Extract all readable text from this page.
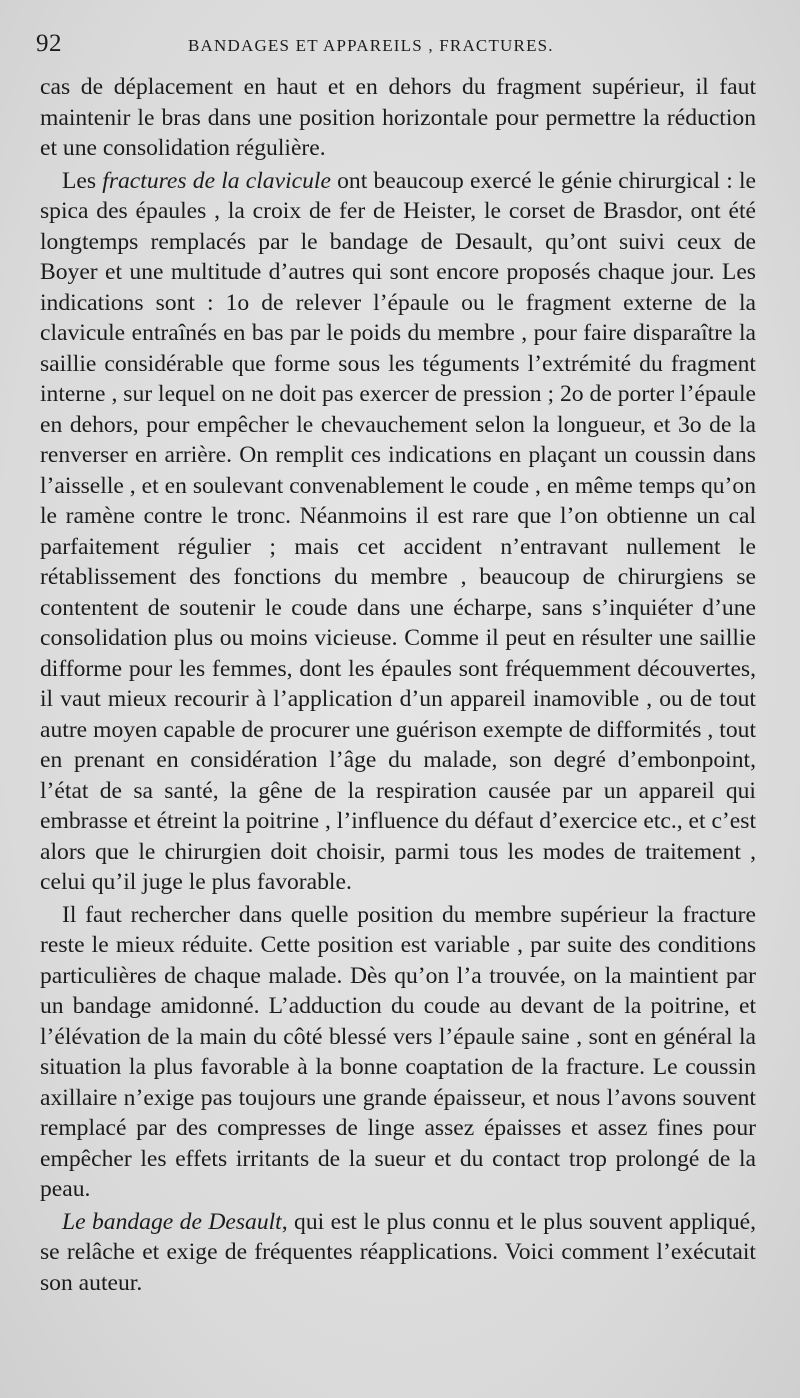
92	BANDAGES ET APPAREILS , FRACTURES.

cas de déplacement en haut et en dehors du fragment supérieur, il faut maintenir le bras dans une position horizontale pour permettre la réduction et une consolidation régulière.

Les fractures de la clavicule ont beaucoup exercé le génie chirurgical : le spica des épaules , la croix de fer de Heister, le corset de Brasdor, ont été longtemps remplacés par le bandage de Desault, qu’ont suivi ceux de Boyer et une multitude d’autres qui sont encore proposés chaque jour. Les indications sont : 1o de relever l’épaule ou le fragment externe de la clavicule entraînés en bas par le poids du membre , pour faire disparaître la saillie considérable que forme sous les téguments l’extrémité du fragment interne , sur lequel on ne doit pas exercer de pression ; 2o de porter l’épaule en dehors, pour empêcher le chevauchement selon la longueur, et 3o de la renverser en arrière. On remplit ces indications en plaçant un coussin dans l’aisselle , et en soulevant convenablement le coude , en même temps qu’on le ramène contre le tronc. Néanmoins il est rare que l’on obtienne un cal parfaitement régulier ; mais cet accident n’entravant nullement le rétablissement des fonctions du membre , beaucoup de chirurgiens se contentent de soutenir le coude dans une écharpe, sans s’inquiéter d’une consolidation plus ou moins vicieuse. Comme il peut en résulter une saillie difforme pour les femmes, dont les épaules sont fréquemment découvertes, il vaut mieux recourir à l’application d’un appareil inamovible , ou de tout autre moyen capable de procurer une guérison exempte de difformités , tout en prenant en considération l’âge du malade, son degré d’embonpoint, l’état de sa santé, la gêne de la respiration causée par un appareil qui embrasse et étreint la poitrine , l’influence du défaut d’exercice etc., et c’est alors que le chirurgien doit choisir, parmi tous les modes de traitement , celui qu’il juge le plus favorable.

Il faut rechercher dans quelle position du membre supérieur la fracture reste le mieux réduite. Cette position est variable , par suite des conditions particulières de chaque malade. Dès qu’on l’a trouvée, on la maintient par un bandage amidonné. L’adduction du coude au devant de la poitrine, et l’élévation de la main du côté blessé vers l’épaule saine , sont en général la situation la plus favorable à la bonne coaptation de la fracture. Le coussin axillaire n’exige pas toujours une grande épaisseur, et nous l’avons souvent remplacé par des compresses de linge assez épaisses et assez fines pour empêcher les effets irritants de la sueur et du contact trop prolongé de la peau.

Le bandage de Desault, qui est le plus connu et le plus souvent appliqué, se relâche et exige de fréquentes réapplications. Voici comment l’exécutait son auteur.
